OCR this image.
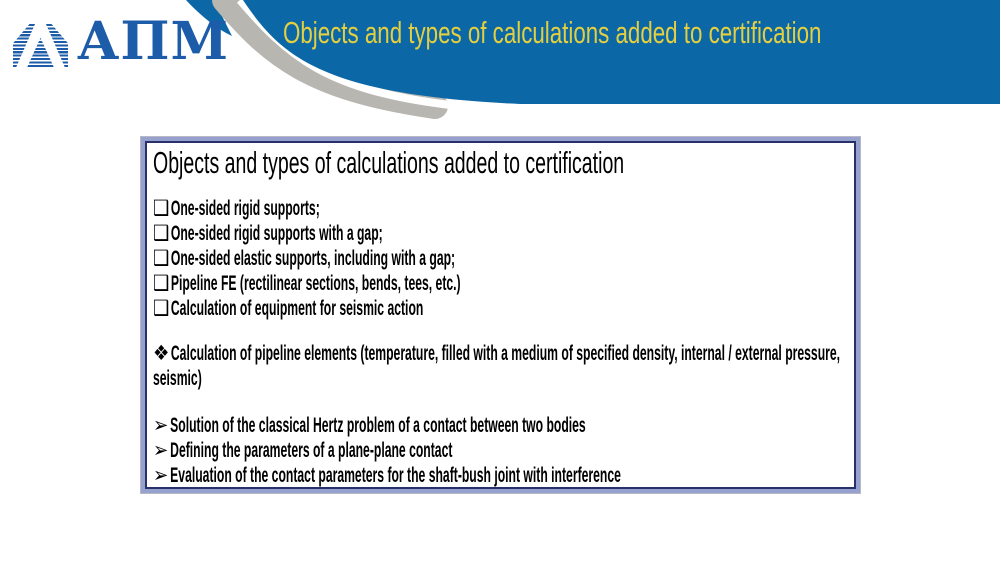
Objects and types of calculations added to certification
АПМ
Objects and types of calculations added to certification
❑One-sided rigid supports;
❑One-sided rigid supports with a gap;
❑One-sided elastic supports, including with a gap;
❑Pipeline FE (rectilinear sections, bends, tees, etc.)
❑Calculation of equipment for seismic action
❖Calculation of pipeline elements (temperature, filled with a medium of specified density, internal / external pressure, seismic)
➢Solution of the classical Hertz problem of a contact between two bodies
➢Defining the parameters of a plane-plane contact
➢Evaluation of the contact parameters for the shaft-bush joint with interference
